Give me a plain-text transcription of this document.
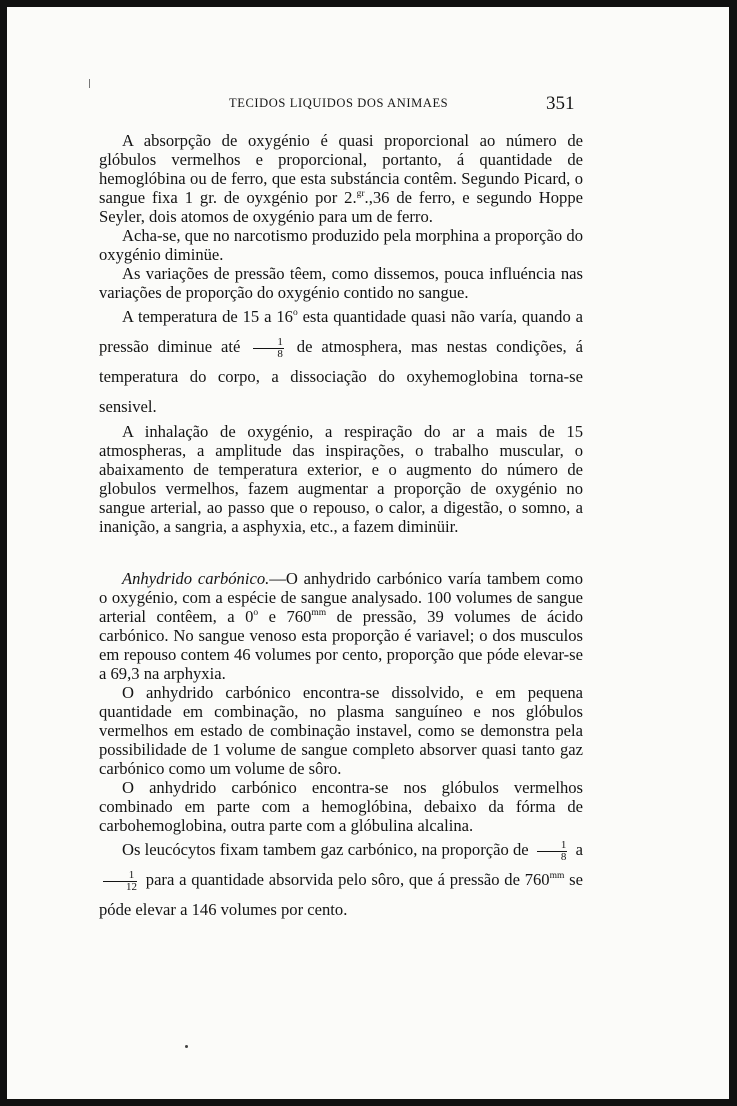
TECIDOS LIQUIDOS DOS ANIMAES	351

A absorpção de oxygénio é quasi proporcional ao número de glóbulos vermelhos e proporcional, portanto, á quantidade de hemoglóbina ou de ferro, que esta substáncia contêm. Segundo Picard, o sangue fixa 1 gr. de oyxgénio por 2.$^{gr}$.,36 de ferro, e segundo Hoppe Seyler, dois atomos de oxygénio para um de ferro.

Acha-se, que no narcotismo produzido pela morphina a proporção do oxygénio diminüe.

As variações de pressão têem, como dissemos, pouca influéncia nas variações de proporção do oxygénio contido no sangue.

A temperatura de 15 a 16$^o$ esta quantidade quasi não varía, quando a pressão diminue até $\frac{1}{8}$ de atmosphera, mas nestas condições, á temperatura do corpo, a dissociação do oxyhemoglobina torna-se sensivel.

A inhalação de oxygénio, a respiração do ar a mais de 15 atmospheras, a amplitude das inspirações, o trabalho muscular, o abaixamento de temperatura exterior, e o augmento do número de globulos vermelhos, fazem augmentar a proporção de oxygénio no sangue arterial, ao passo que o repouso, o calor, a digestão, o somno, a inanição, a sangria, a asphyxia, etc., a fazem diminüir.

Anhydrido carbónico.—O anhydrido carbónico varía tambem como o oxygénio, com a espécie de sangue analysado. 100 volumes de sangue arterial contêem, a 0$^o$ e $760^{mm}$ de pressão, 39 volumes de ácido carbónico. No sangue venoso esta proporção é variavel; o dos musculos em repouso contem 46 volumes por cento, proporção que póde elevar-se a 69,3 na arphyxia.

O anhydrido carbónico encontra-se dissolvido, e em pequena quantidade em combinação, no plasma sanguíneo e nos glóbulos vermelhos em estado de combinação instavel, como se demonstra pela possibilidade de 1 volume de sangue completo absorver quasi tanto gaz carbónico como um volume de sôro.

O anhydrido carbónico encontra-se nos glóbulos vermelhos combinado em parte com a hemoglóbina, debaixo da fórma de carbohemoglobina, outra parte com a glóbulina alcalina.

Os leucócytos fixam tambem gaz carbónico, na proporção de $\frac{1}{8}$ a
$\frac{1}{12}$ para a quantidade absorvida pelo sôro, que á pressão de $760^{mm}$ se póde elevar a 146 volumes por cento.
